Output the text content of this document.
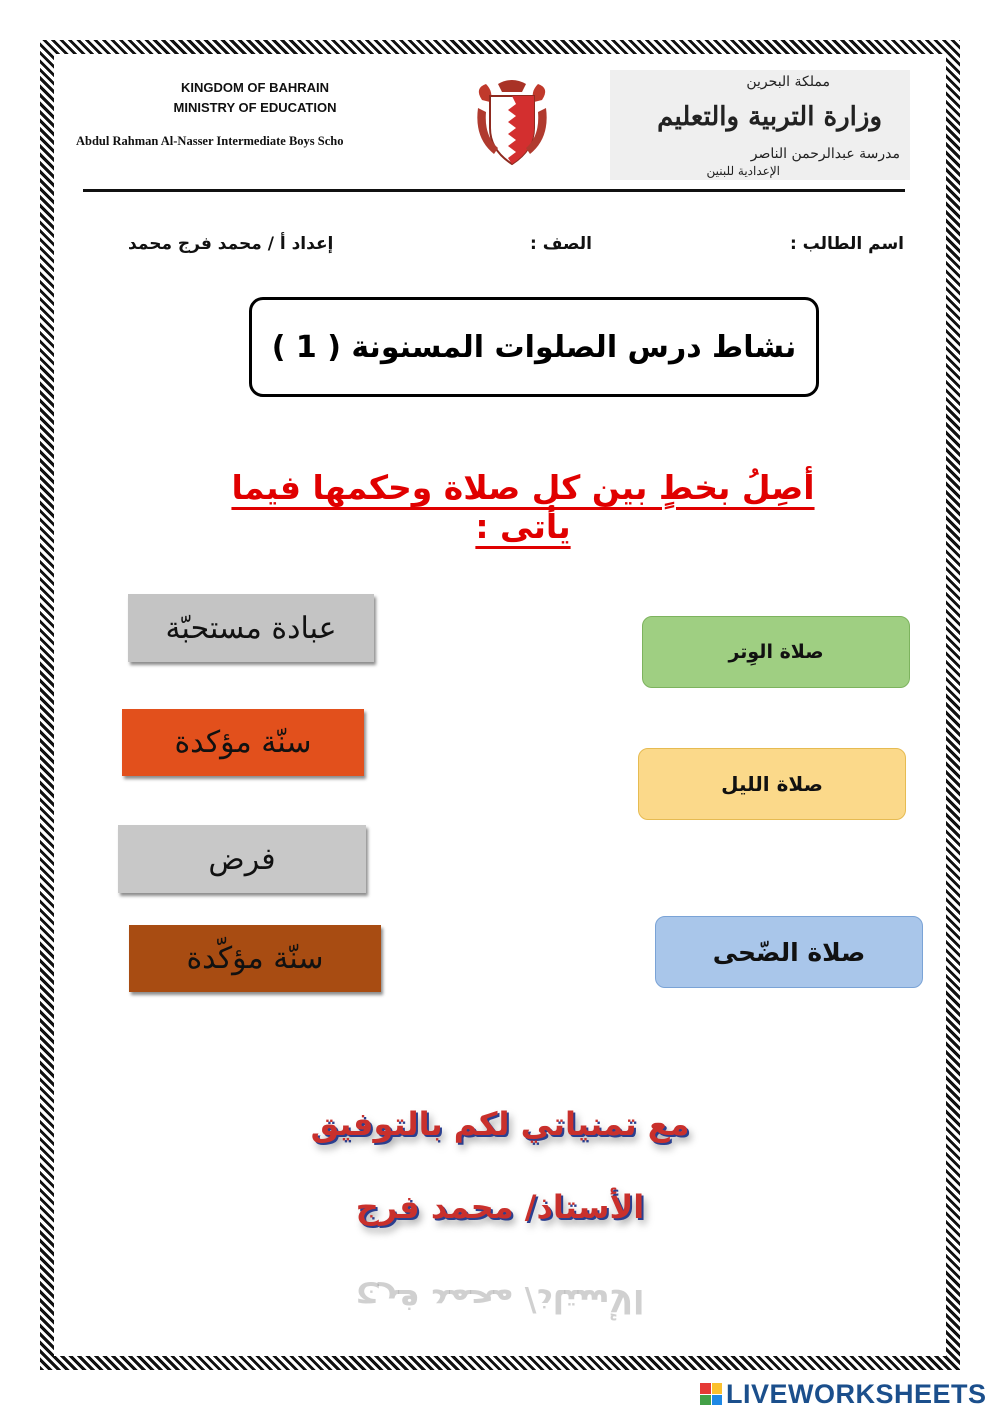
KINGDOM OF BAHRAIN
MINISTRY OF EDUCATION
Abdul Rahman Al-Nasser Intermediate Boys Scho
مملكة البحرين
وزارة التربية والتعليم
مدرسة عبدالرحمن الناصر
الإعدادية للبنين
اسم الطالب :
الصف :
إعداد أ / محمد فرج محمد
نشاط درس الصلوات المسنونة ( 1 )
أصِلُ بخطٍ بين كل صلاة وحكمها فيما يأتى :
عبادة مستحبّة
سنّة مؤكدة
فرض
سنّة مؤكّدة
صلاة الوِتر
صلاة الليل
صلاة الضّحى
مع تمنياتي لكم بالتوفيق
الأستاذ/ محمد فرج
الأستاذ/ محمد فرج
LIVEWORKSHEETS
